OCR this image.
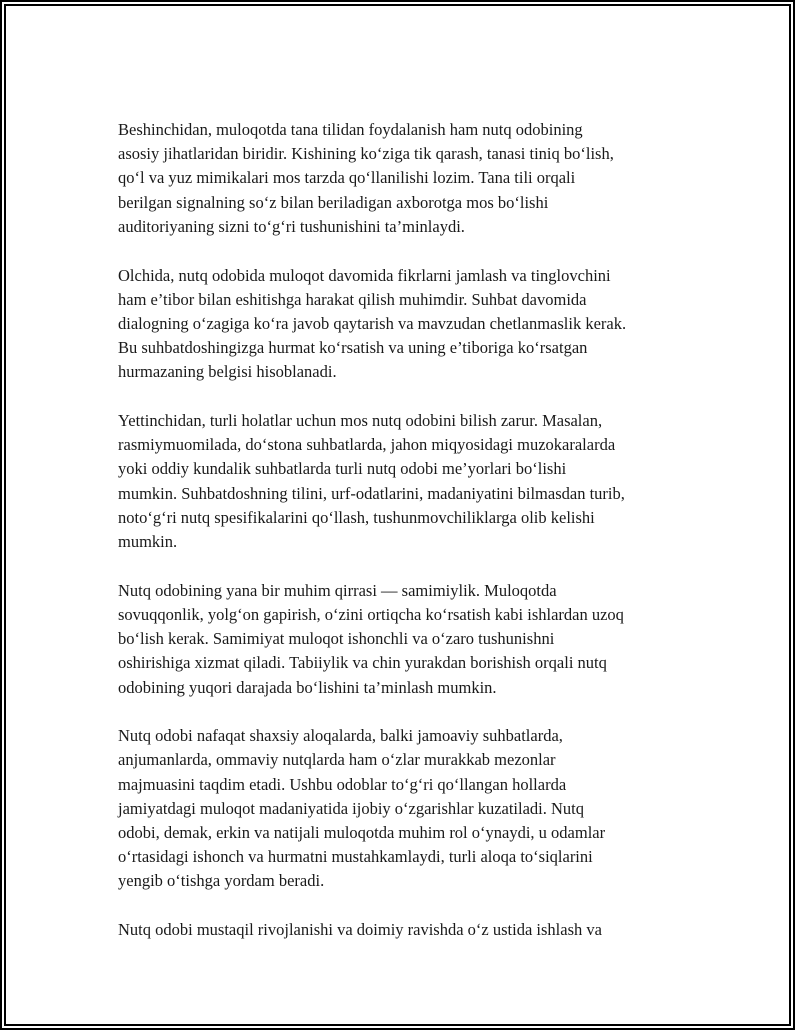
Beshinchidan, muloqotda tana tilidan foydalanish ham nutq odobining
asosiy jihatlaridan biridir. Kishining ko‘ziga tik qarash, tanasi tiniq bo‘lish,
qo‘l va yuz mimikalari mos tarzda qo‘llanilishi lozim. Tana tili orqali
berilgan signalning so‘z bilan beriladigan axborotga mos bo‘lishi
auditoriyaning sizni to‘g‘ri tushunishini ta’minlaydi.

Olchida, nutq odobida muloqot davomida fikrlarni jamlash va tinglovchini
ham e’tibor bilan eshitishga harakat qilish muhimdir. Suhbat davomida
dialogning o‘zagiga ko‘ra javob qaytarish va mavzudan chetlanmaslik kerak.
Bu suhbatdoshingizga hurmat ko‘rsatish va uning e’tiboriga ko‘rsatgan
hurmazaning belgisi hisoblanadi.

Yettinchidan, turli holatlar uchun mos nutq odobini bilish zarur. Masalan,
rasmiymuomilada, do‘stona suhbatlarda, jahon miqyosidagi muzokaralarda
yoki oddiy kundalik suhbatlarda turli nutq odobi me’yorlari bo‘lishi
mumkin. Suhbatdoshning tilini, urf-odatlarini, madaniyatini bilmasdan turib,
noto‘g‘ri nutq spesifikalarini qo‘llash, tushunmovchiliklarga olib kelishi
mumkin.

Nutq odobining yana bir muhim qirrasi — samimiylik. Muloqotda
sovuqqonlik, yolg‘on gapirish, o‘zini ortiqcha ko‘rsatish kabi ishlardan uzoq
bo‘lish kerak. Samimiyat muloqot ishonchli va o‘zaro tushunishni
oshirishiga xizmat qiladi. Tabiiylik va chin yurakdan borishish orqali nutq
odobining yuqori darajada bo‘lishini ta’minlash mumkin.

Nutq odobi nafaqat shaxsiy aloqalarda, balki jamoaviy suhbatlarda,
anjumanlarda, ommaviy nutqlarda ham o‘zlar murakkab mezonlar
majmuasini taqdim etadi. Ushbu odoblar to‘g‘ri qo‘llangan hollarda
jamiyatdagi muloqot madaniyatida ijobiy o‘zgarishlar kuzatiladi. Nutq
odobi, demak, erkin va natijali muloqotda muhim rol o‘ynaydi, u odamlar
o‘rtasidagi ishonch va hurmatni mustahkamlaydi, turli aloqa to‘siqlarini
yengib o‘tishga yordam beradi.

Nutq odobi mustaqil rivojlanishi va doimiy ravishda o‘z ustida ishlash va
